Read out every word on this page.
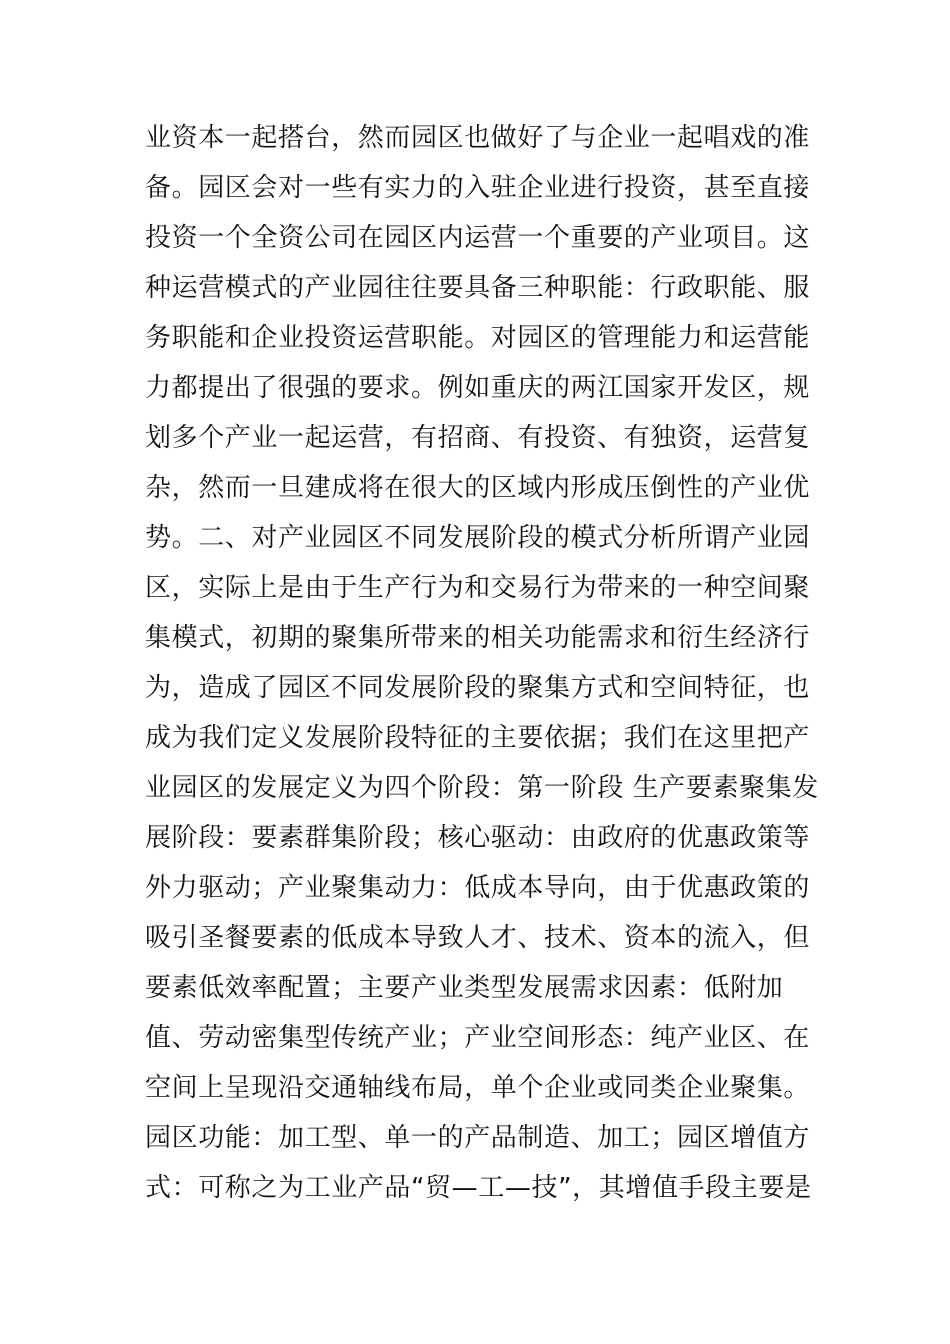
业资本一起搭台，然而园区也做好了与企业一起唱戏的准
备。园区会对一些有实力的入驻企业进行投资，甚至直接
投资一个全资公司在园区内运营一个重要的产业项目。这
种运营模式的产业园往往要具备三种职能：行政职能、服
务职能和企业投资运营职能。对园区的管理能力和运营能
力都提出了很强的要求。例如重庆的两江国家开发区，规
划多个产业一起运营，有招商、有投资、有独资，运营复
杂，然而一旦建成将在很大的区域内形成压倒性的产业优
势。二、对产业园区不同发展阶段的模式分析所谓产业园
区，实际上是由于生产行为和交易行为带来的一种空间聚
集模式，初期的聚集所带来的相关功能需求和衍生经济行
为，造成了园区不同发展阶段的聚集方式和空间特征，也
成为我们定义发展阶段特征的主要依据；我们在这里把产
业园区的发展定义为四个阶段：第一阶段 生产要素聚集发
展阶段：要素群集阶段；核心驱动：由政府的优惠政策等
外力驱动；产业聚集动力：低成本导向，由于优惠政策的
吸引圣餐要素的低成本导致人才、技术、资本的流入，但
要素低效率配置；主要产业类型发展需求因素：低附加
值、劳动密集型传统产业；产业空间形态：纯产业区、在
空间上呈现沿交通轴线布局，单个企业或同类企业聚集。
园区功能：加工型、单一的产品制造、加工；园区增值方
式：可称之为工业产品“贸—工—技”，其增值手段主要是
